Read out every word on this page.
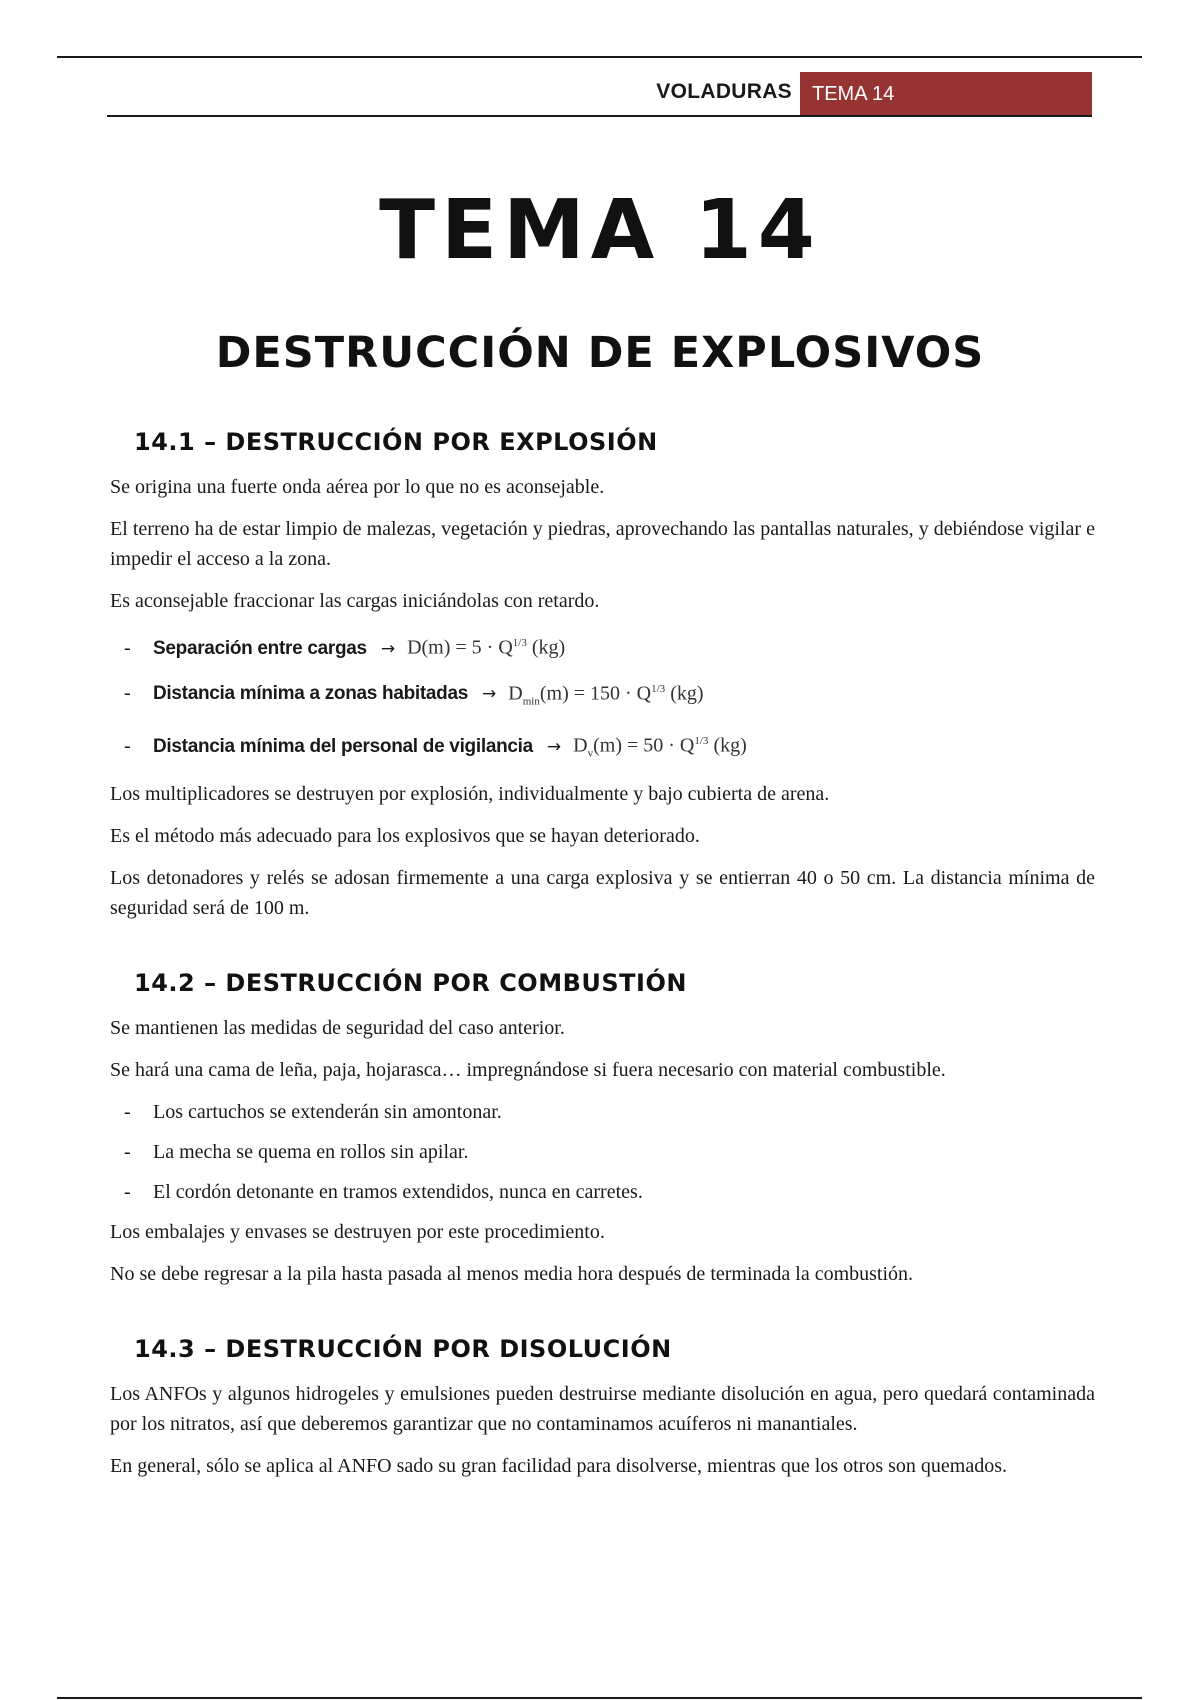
VOLADURAS	TEMA 14
TEMA 14
DESTRUCCIÓN DE EXPLOSIVOS
14.1 – DESTRUCCIÓN POR EXPLOSIÓN

Se origina una fuerte onda aérea por lo que no es aconsejable.

El terreno ha de estar limpio de malezas, vegetación y piedras, aprovechando las pantallas naturales, y debiéndose vigilar e impedir el acceso a la zona.

Es aconsejable fraccionar las cargas iniciándolas con retardo.

-	Separación entre cargas → $D(m) = 5 \cdot Q^{1/3}$ (kg)
-	Distancia mínima a zonas habitadas → $D_{min}(m) = 150 \cdot Q^{1/3}$ (kg)
-	Distancia mínima del personal de vigilancia → $D_v(m) = 50 \cdot Q^{1/3}$ (kg)

Los multiplicadores se destruyen por explosión, individualmente y bajo cubierta de arena.

Es el método más adecuado para los explosivos que se hayan deteriorado.

Los detonadores y relés se adosan firmemente a una carga explosiva y se entierran 40 o 50 cm. La distancia mínima de seguridad será de 100 m.

14.2 – DESTRUCCIÓN POR COMBUSTIÓN

Se mantienen las medidas de seguridad del caso anterior.

Se hará una cama de leña, paja, hojarasca… impregnándose si fuera necesario con material combustible.

-	Los cartuchos se extenderán sin amontonar.
-	La mecha se quema en rollos sin apilar.
-	El cordón detonante en tramos extendidos, nunca en carretes.

Los embalajes y envases se destruyen por este procedimiento.

No se debe regresar a la pila hasta pasada al menos media hora después de terminada la combustión.

14.3 – DESTRUCCIÓN POR DISOLUCIÓN

Los ANFOs y algunos hidrogeles y emulsiones pueden destruirse mediante disolución en agua, pero quedará contaminada por los nitratos, así que deberemos garantizar que no contaminamos acuíferos ni manantiales.

En general, sólo se aplica al ANFO sado su gran facilidad para disolverse, mientras que los otros son quemados.
